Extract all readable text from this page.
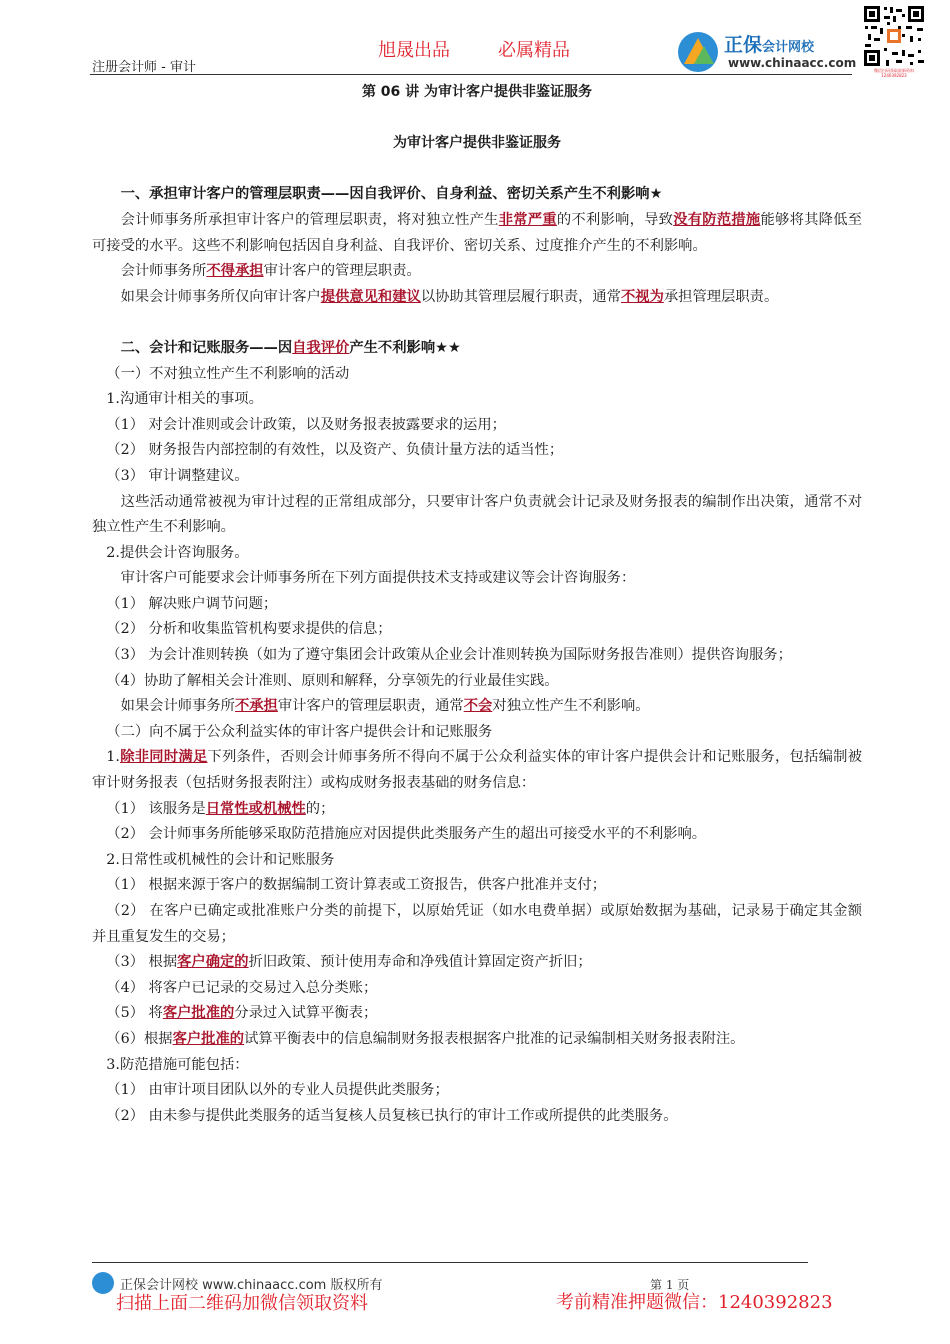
注册会计师 - 审计
旭晟出品	必属精品	正保会计网校
www.chinaacc.com
微信扫码获取最新资料 1240392823

第 06 讲 为审计客户提供非鉴证服务

为审计客户提供非鉴证服务

一、承担审计客户的管理层职责——因自我评价、自身利益、密切关系产生不利影响★

会计师事务所承担审计客户的管理层职责，将对独立性产生非常严重的不利影响，导致没有防范措施能够将其降低至可接受的水平。这些不利影响包括因自身利益、自我评价、密切关系、过度推介产生的不利影响。

会计师事务所不得承担审计客户的管理层职责。

如果会计师事务所仅向审计客户提供意见和建议以协助其管理层履行职责，通常不视为承担管理层职责。

二、会计和记账服务——因自我评价产生不利影响★★

（一）不对独立性产生不利影响的活动

1.沟通审计相关的事项。

（1） 对会计准则或会计政策，以及财务报表披露要求的运用；

（2） 财务报告内部控制的有效性，以及资产、负债计量方法的适当性；

（3） 审计调整建议。

这些活动通常被视为审计过程的正常组成部分，只要审计客户负责就会计记录及财务报表的编制作出决策，通常不对独立性产生不利影响。

2.提供会计咨询服务。

审计客户可能要求会计师事务所在下列方面提供技术支持或建议等会计咨询服务：

（1） 解决账户调节问题；

（2） 分析和收集监管机构要求提供的信息；

（3） 为会计准则转换（如为了遵守集团会计政策从企业会计准则转换为国际财务报告准则）提供咨询服务；

（4）协助了解相关会计准则、原则和解释，分享领先的行业最佳实践。

如果会计师事务所不承担审计客户的管理层职责，通常不会对独立性产生不利影响。

（二）向不属于公众利益实体的审计客户提供会计和记账服务

1.除非同时满足下列条件，否则会计师事务所不得向不属于公众利益实体的审计客户提供会计和记账服务，包括编制被审计财务报表（包括财务报表附注）或构成财务报表基础的财务信息：

（1） 该服务是日常性或机械性的；

（2） 会计师事务所能够采取防范措施应对因提供此类服务产生的超出可接受水平的不利影响。

2.日常性或机械性的会计和记账服务

（1） 根据来源于客户的数据编制工资计算表或工资报告，供客户批准并支付；

（2） 在客户已确定或批准账户分类的前提下，以原始凭证（如水电费单据）或原始数据为基础，记录易于确定其金额并且重复发生的交易；

（3） 根据客户确定的折旧政策、预计使用寿命和净残值计算固定资产折旧；

（4） 将客户已记录的交易过入总分类账；

（5） 将客户批准的分录过入试算平衡表；

（6）根据客户批准的试算平衡表中的信息编制财务报表根据客户批准的记录编制相关财务报表附注。

3.防范措施可能包括：

（1） 由审计项目团队以外的专业人员提供此类服务；

（2） 由未参与提供此类服务的适当复核人员复核已执行的审计工作或所提供的此类服务。

正保会计网校 www.chinaacc.com 版权所有	第 1 页
扫描上面二维码加微信领取资料	考前精准押题微信：1240392823
